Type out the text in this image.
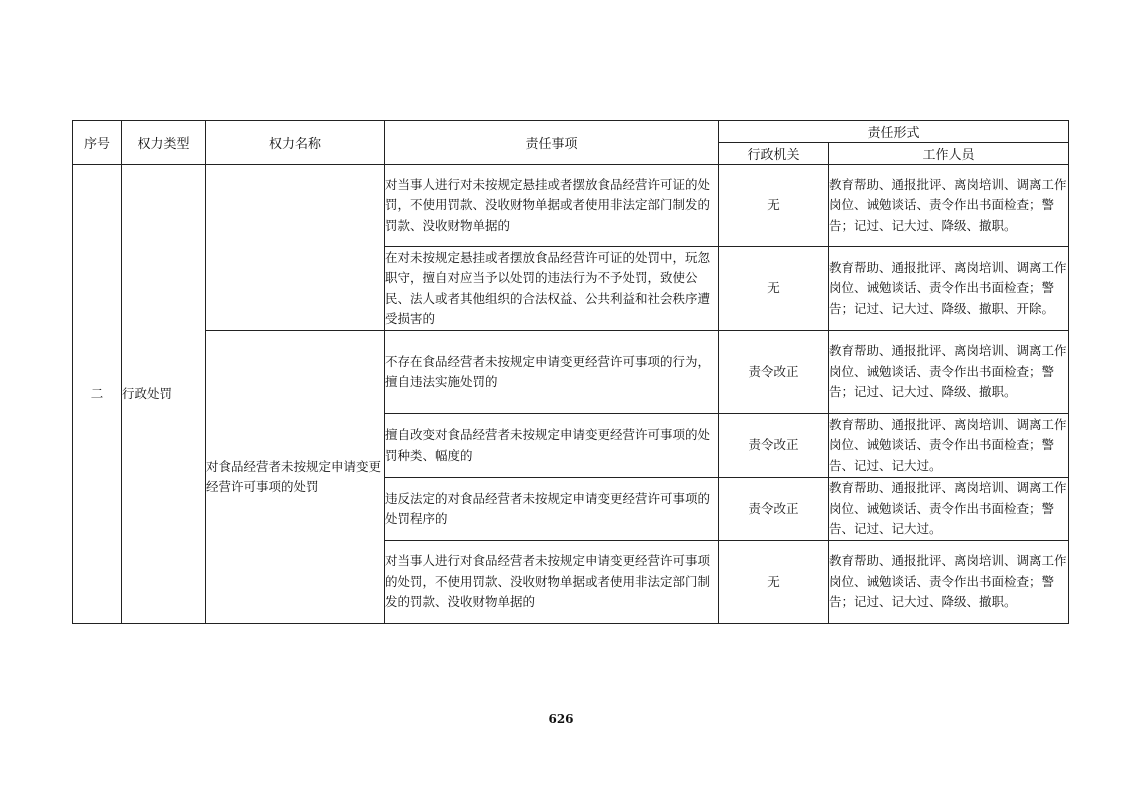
序号	权力类型	权力名称	责任事项	责任形式	
				行政机关	工作人员
二	行政处罚		对当事人进行对未按规定悬挂或者摆放食品经营许可证的处罚，不使用罚款、没收财物单据或者使用非法定部门制发的罚款、没收财物单据的	无	教育帮助、通报批评、离岗培训、调离工作岗位、诫勉谈话、责令作出书面检查；警告；记过、记大过、降级、撤职。
			在对未按规定悬挂或者摆放食品经营许可证的处罚中，玩忽职守，擅自对应当予以处罚的违法行为不予处罚，致使公民、法人或者其他组织的合法权益、公共利益和社会秩序遭受损害的	无	教育帮助、通报批评、离岗培训、调离工作岗位、诫勉谈话、责令作出书面检查；警告；记过、记大过、降级、撤职、开除。
		对食品经营者未按规定申请变更经营许可事项的处罚	不存在食品经营者未按规定申请变更经营许可事项的行为，擅自违法实施处罚的	责令改正	教育帮助、通报批评、离岗培训、调离工作岗位、诫勉谈话、责令作出书面检查；警告；记过、记大过、降级、撤职。
			擅自改变对食品经营者未按规定申请变更经营许可事项的处罚种类、幅度的	责令改正	教育帮助、通报批评、离岗培训、调离工作岗位、诫勉谈话、责令作出书面检查；警告、记过、记大过。
			违反法定的对食品经营者未按规定申请变更经营许可事项的处罚程序的	责令改正	教育帮助、通报批评、离岗培训、调离工作岗位、诫勉谈话、责令作出书面检查；警告、记过、记大过。
			对当事人进行对食品经营者未按规定申请变更经营许可事项的处罚，不使用罚款、没收财物单据或者使用非法定部门制发的罚款、没收财物单据的	无	教育帮助、通报批评、离岗培训、调离工作岗位、诫勉谈话、责令作出书面检查；警告；记过、记大过、降级、撤职。
626
